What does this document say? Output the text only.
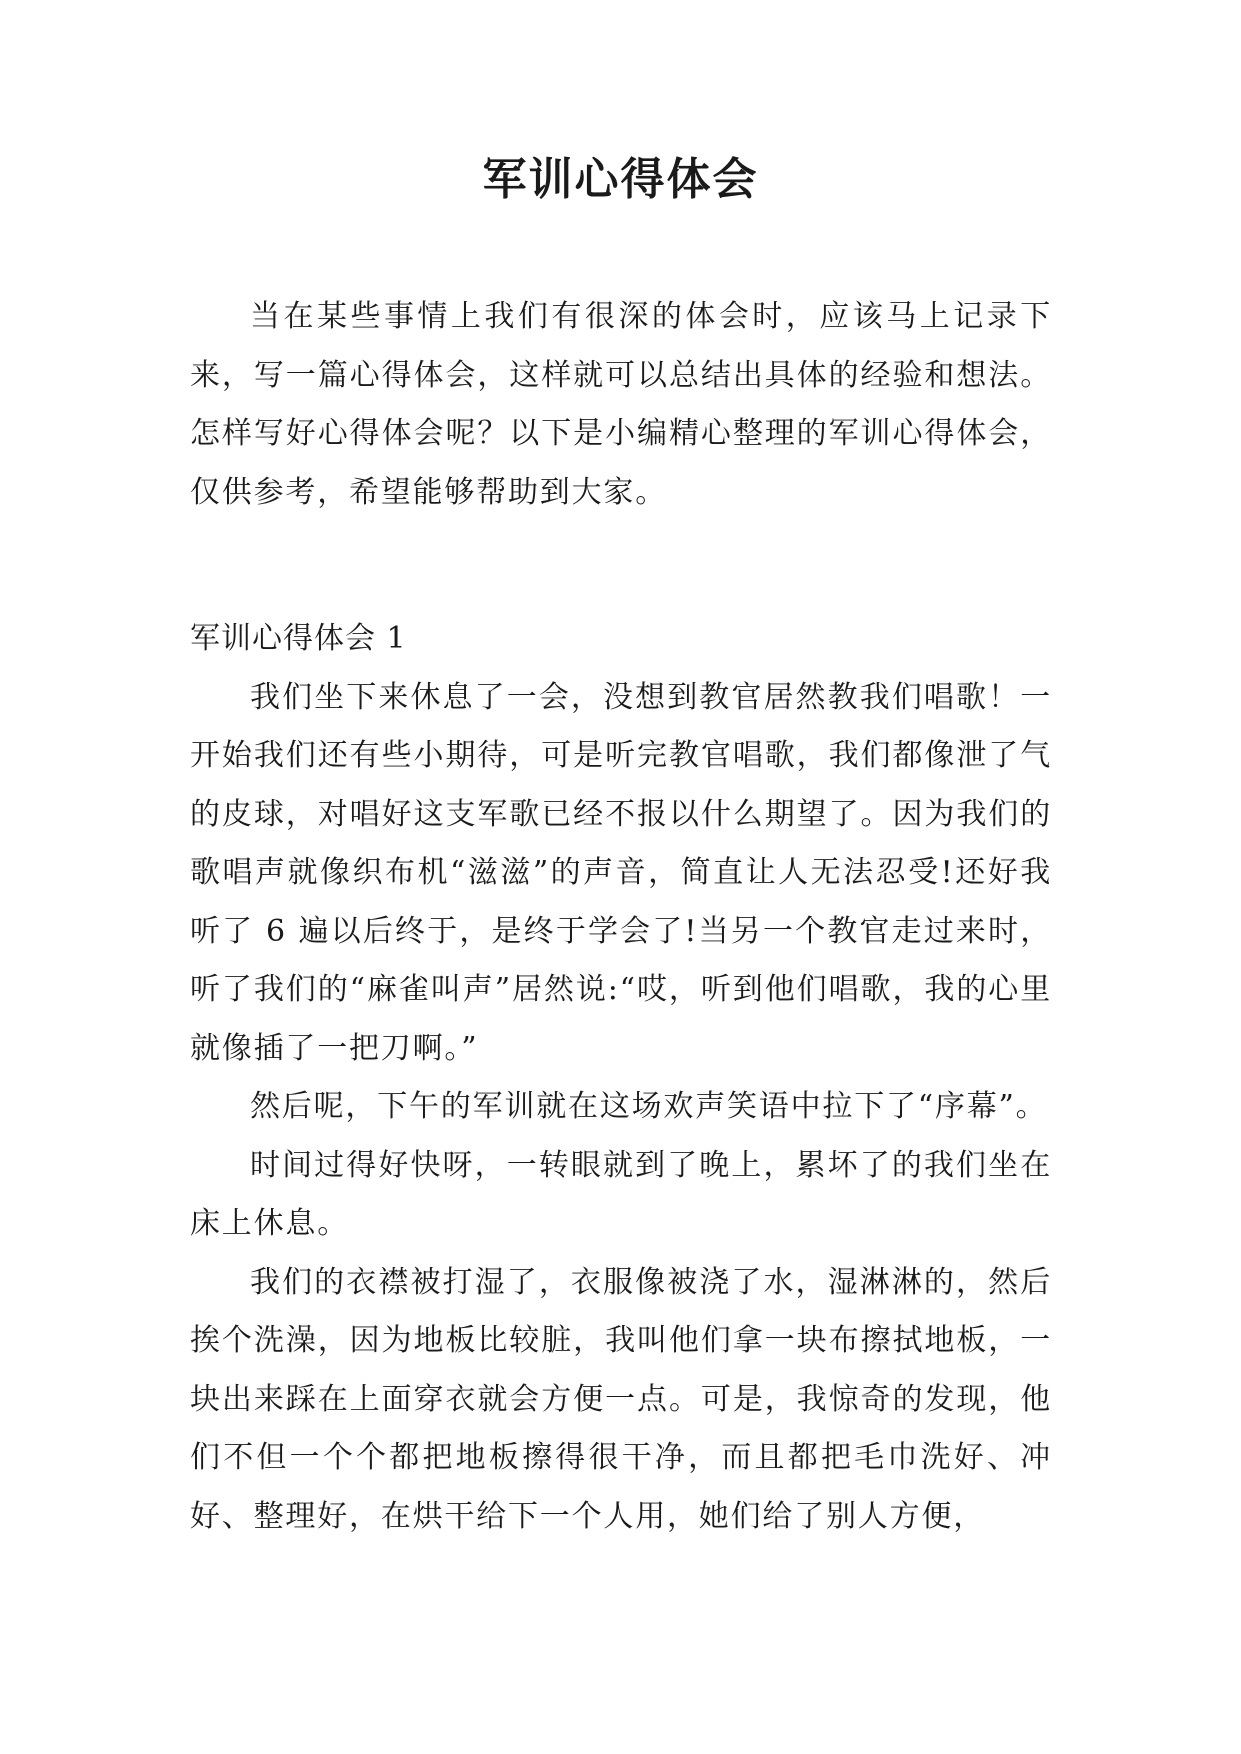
军训心得体会

当在某些事情上我们有很深的体会时，应该马上记录下来，写一篇心得体会，这样就可以总结出具体的经验和想法。怎样写好心得体会呢？以下是小编精心整理的军训心得体会，仅供参考，希望能够帮助到大家。

军训心得体会 1

我们坐下来休息了一会，没想到教官居然教我们唱歌！一开始我们还有些小期待，可是听完教官唱歌，我们都像泄了气的皮球，对唱好这支军歌已经不报以什么期望了。因为我们的歌唱声就像织布机“滋滋”的声音，简直让人无法忍受!还好我听了 6 遍以后终于，是终于学会了!当另一个教官走过来时，听了我们的“麻雀叫声”居然说:“哎，听到他们唱歌，我的心里就像插了一把刀啊。”

然后呢，下午的军训就在这场欢声笑语中拉下了“序幕”。

时间过得好快呀，一转眼就到了晚上，累坏了的我们坐在床上休息。

我们的衣襟被打湿了，衣服像被浇了水，湿淋淋的，然后挨个洗澡，因为地板比较脏，我叫他们拿一块布擦拭地板，一块出来踩在上面穿衣就会方便一点。可是，我惊奇的发现，他们不但一个个都把地板擦得很干净，而且都把毛巾洗好、冲好、整理好，在烘干给下一个人用，她们给了别人方便，
